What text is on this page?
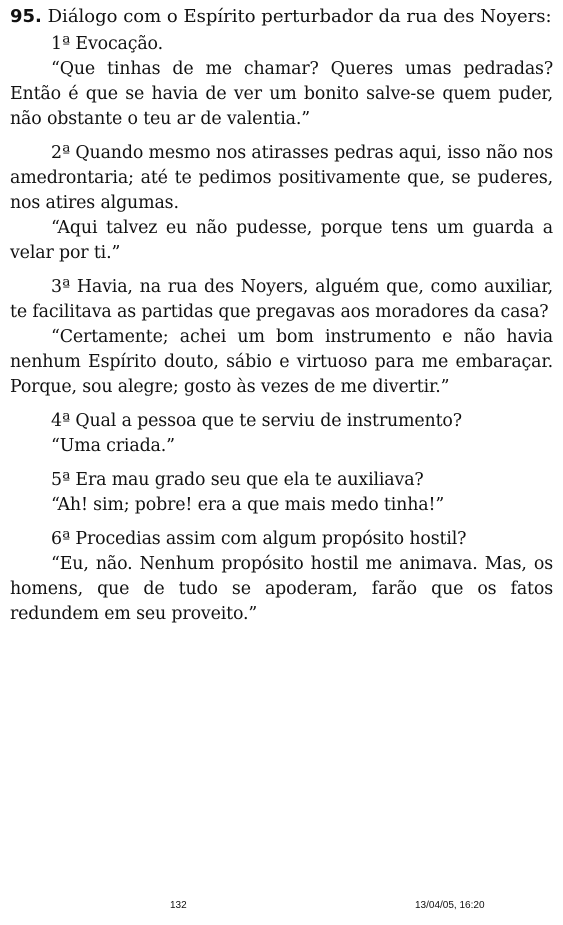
95. Diálogo com o Espírito perturbador da rua des Noyers:

1ª Evocação.

“Que tinhas de me chamar? Queres umas pedradas? Então é que se havia de ver um bonito salve-se quem puder, não obstante o teu ar de valentia.”

2ª Quando mesmo nos atirasses pedras aqui, isso não nos amedrontaria; até te pedimos positivamente que, se puderes, nos atires algumas.

“Aqui talvez eu não pudesse, porque tens um guarda a velar por ti.”

3ª Havia, na rua des Noyers, alguém que, como auxiliar, te facilitava as partidas que pregavas aos moradores da casa?

“Certamente; achei um bom instrumento e não havia nenhum Espírito douto, sábio e virtuoso para me embaraçar. Porque, sou alegre; gosto às vezes de me divertir.”

4ª Qual a pessoa que te serviu de instrumento?

“Uma criada.”

5ª Era mau grado seu que ela te auxiliava?

“Ah! sim; pobre! era a que mais medo tinha!”

6ª Procedias assim com algum propósito hostil?

“Eu, não. Nenhum propósito hostil me animava. Mas, os homens, que de tudo se apoderam, farão que os fatos redundem em seu proveito.”

132	13/04/05, 16:20
